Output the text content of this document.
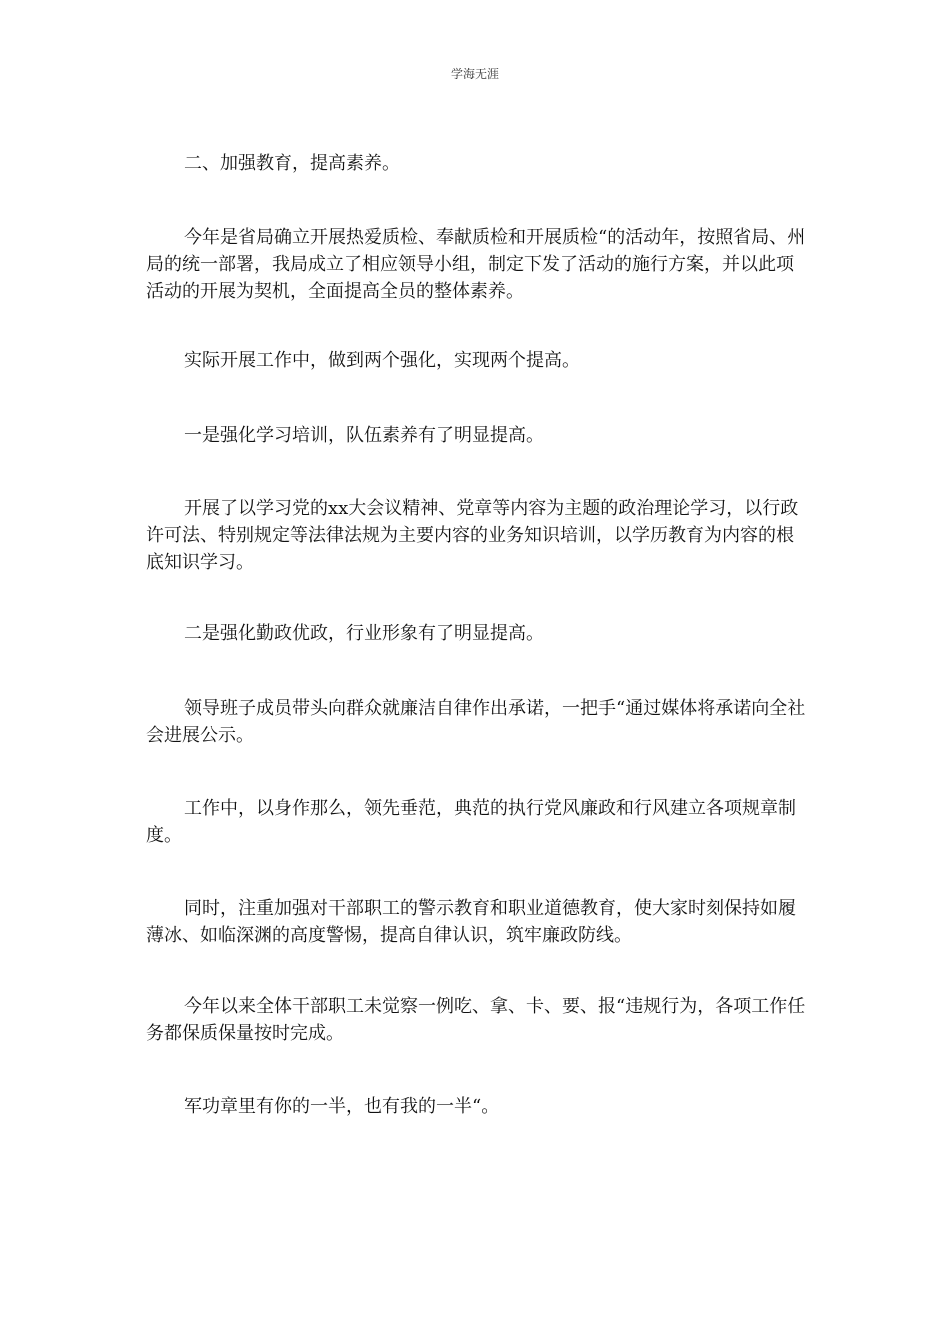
学海无涯

二、加强教育，提高素养。

今年是省局确立开展热爱质检、奉献质检和开展质检“的活动年，按照省局、州局的统一部署，我局成立了相应领导小组，制定下发了活动的施行方案，并以此项活动的开展为契机，全面提高全员的整体素养。

实际开展工作中，做到两个强化，实现两个提高。

一是强化学习培训，队伍素养有了明显提高。

开展了以学习党的xx大会议精神、党章等内容为主题的政治理论学习，以行政许可法、特别规定等法律法规为主要内容的业务知识培训，以学历教育为内容的根底知识学习。

二是强化勤政优政，行业形象有了明显提高。

领导班子成员带头向群众就廉洁自律作出承诺，一把手“通过媒体将承诺向全社会进展公示。

工作中，以身作那么，领先垂范，典范的执行党风廉政和行风建立各项规章制度。

同时，注重加强对干部职工的警示教育和职业道德教育，使大家时刻保持如履薄冰、如临深渊的高度警惕，提高自律认识，筑牢廉政防线。

今年以来全体干部职工未觉察一例吃、拿、卡、要、报“违规行为，各项工作任务都保质保量按时完成。

军功章里有你的一半，也有我的一半“。
